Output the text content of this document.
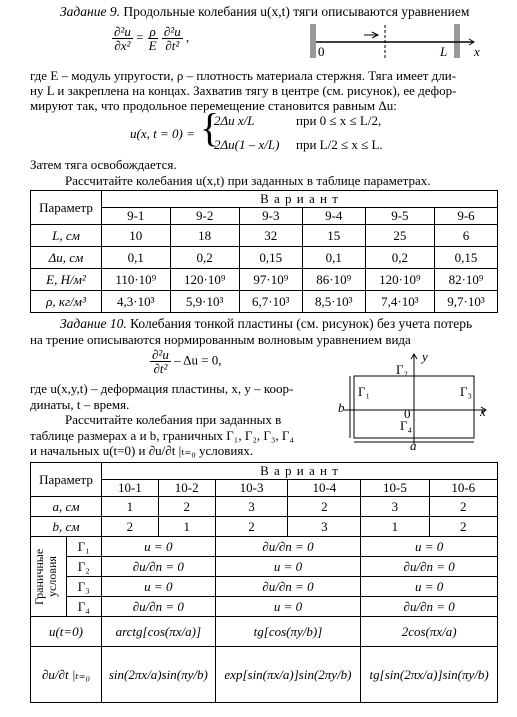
Задание 9. Продольные колебания u(x,t) тяги описываются уравнением
$\frac{\text{∂²u}}{\text{∂x²}} = \frac{\rho}{E}$
$\frac{\text{∂²u}}{\text{∂t²}}$ ,
0	L x
где E – модуль упругости, ρ – плотность материала стержня. Тяга имеет дли-
ну L и закреплена на концах. Захватив тягу в центре (см. рисунок), ее дефор-
мируют так, что продольное перемещение становится равным Δu:
u(x, t = 0) = {
2Δu x/L	при 0 ≤ x ≤ L/2,
2Δu(1 – x/L) при L/2 ≤ x ≤ L.
Затем тяга освобождается.
Рассчитайте колебания u(x,t) при заданных в таблице параметрах.
Параметр	В а р и а н т					
	9-1	9-2	9-3	9-4	9-5	9-6
L, см	10	18	32	15	25	6
Δu, см	0,1	0,2	0,15	0,1	0,2	0,15
E, Н/м²	110·10⁹	120·10⁹	97·10⁹	86·10⁹	120·10⁹	82·10⁹
ρ, кг/м³	4,3·10³	5,9·10³	6,7·10³	8,5·10³	7,4·10³	9,7·10³
Задание 10. Колебания тонкой пластины (см. рисунок) без учета потерь
на трение описываются нормированным волновым уравнением вида
$\frac{\text{∂²u}}{\text{∂t²}} - \Delta u = 0$,
где u(x,y,t) – деформация пластины, x, y – коор-
динаты, t – время.
Рассчитайте колебания при заданных в
таблице размерах a и b, граничных Γ₁, Γ₂, Γ₃, Γ₄
и начальных u(t=0) и ∂u/∂t |ₜ₌₀ условиях.
y
Γ₂
Γ₁	Γ₃
b	0	x
Γ₄
a
Параметр		В а р и а н т					
		10-1	10-2	10-3	10-4	10-5	10-6
a, см		1	2	3	2	3	2
b, см		2	1	2	3	1	2

Граничные условия	Γ₁	u = 0		∂u/∂n = 0		u = 0	
	Γ₂	∂u/∂n = 0		u = 0		∂u/∂n = 0	
	Γ₃	u = 0		∂u/∂n = 0		u = 0	
	Γ₄	∂u/∂n = 0		u = 0		∂u/∂n = 0	
u(t=0)		arctg[cos(πx/a)]		tg[cos(πy/b)]		2cos(πx/a)	
∂u/∂t |ₜ₌₀		sin(2πx/a)sin(πy/b)		exp[sin(πx/a)]sin(2πy/b)		tg[sin(2πx/a)]sin(πy/b)	
